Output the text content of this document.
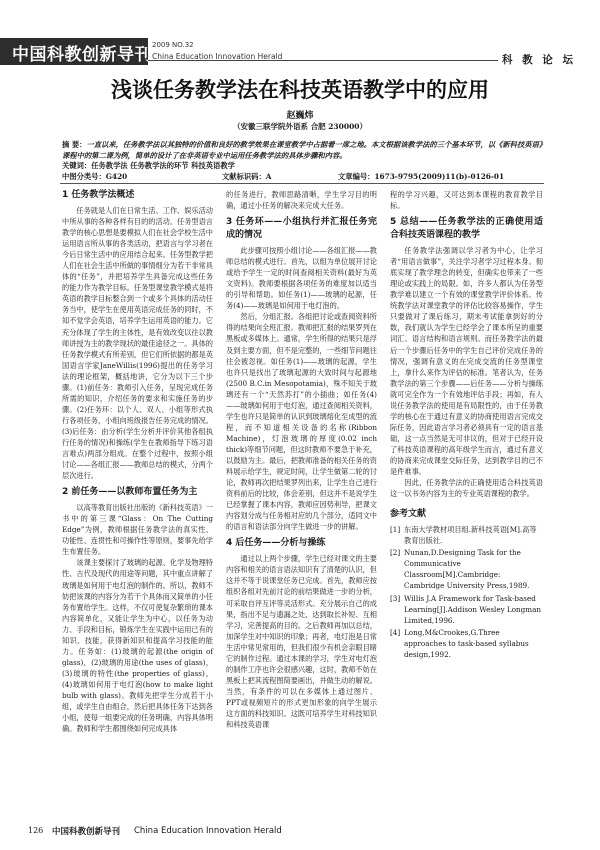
中国科教创新导刊 2009 NO.32
China Education Innovation Herald	科 教 论 坛
浅谈任务教学法在科技英语教学中的应用
赵巍炜
（安徽三联学院外语系 合肥 230000）
摘 要：一直以来，任务教学法以其独特的价值和良好的教学效果在课堂教学中占据着一席之地。本文根据该教学法的三个基本环节，以《新科技英语》课程中的第二课为例，简单的设计了在非英语专业中运用任务教学法的具体步骤和内容。
关键词：任务教学法 任务教学法的环节 科技英语教学
中图分类号：G420	文献标识码：A	文章编号：1673-9795(2009)11(b)-0126-01
1 任务教学法概述

任务就是人们在日常生活、工作、娱乐活动中所从事的各种各样有目的的活动。任务型语言教学的核心思想是要模拟人们在社会学校生活中运用语言所从事的各类活动，把语言与学习者在今后日常生活中的应用结合起来。任务型教学把人们在社会生活中所做的事情细分为若干非常具体的“任务”，并把培养学生具备完成这些任务的能力作为教学目标。任务型课堂教学模式是将英语的教学目标整合到一个或多个具体的活动任务当中，使学生在使用英语完成任务的同时，不知不觉学会英语，培养学生运用英语的能力。它充分体现了学生的主体性，是有效改变以往以教师讲授为主的教学现状的最佳途径之一。具体的任务教学模式有所差别，但它们所依据的都是英国语言学家JaneWillis(1996)提出的任务学习法的理论框架，概括地讲，它分为以下三个步骤。(1)前任务：教师引入任务，呈现完成任务所需的知识，介绍任务的要求和实施任务的步骤。(2)任务环：以个人、双人、小组等形式执行各项任务，小组向班级报告任务完成的情况。(3)后任务：由分析(学生分析并评价其他各组执行任务的情况)和操练(学生在教师指导下练习语言难点)两部分组成。在整个过程中，按照小组讨论——各组汇报——教师总结的模式，分两个层次进行。

2 前任务——以教师布置任务为主

以高等教育出版社出版的《新科技英语》一书中的第三课“Glass：On The Cutting Edge”为例，教师根据任务教学法的真实性、功能性、连贯性和可操作性等原则，要事先给学生布置任务。

该课主要探讨了玻璃的起源、化学及物理特性、古代及现代的用途等问题，其中重点讲解了玻璃是如何用于电灯泡的制作的。所以，教师不妨把该课的内容分为若干个具体而又简单的小任务布置给学生。这样，不仅可使复杂繁琐的课本内容简单化，又能让学生为中心，以任务为动力、手段和目标，锻炼学生在实践中运用已有的知识、技能，获得新知识和提高学习技能的能力。任务如：(1)玻璃的起源(the origin of glass)，(2)玻璃的用途(the uses of glass)，(3)玻璃的特性(the properties of glass)，(4)玻璃如何用于电灯泡(how to make light bulb with glass)。教师先把学生分成若干小组，或学生自由组合，然后把具体任务下达到各小组，使每一组要完成的任务明确，内容具体明确。教师和学生都围绕如何完成具体

的任务进行，教师思路清晰，学生学习目的明确，通过小任务的解决来完成大任务。

3 任务环——小组执行并汇报任务完成的情况

此步骤可按照小组讨论——各组汇报——教师总结的模式进行。首先，以组为单位展开讨论或给予学生一定的时间查阅相关资料(最好为英文资料)。教师要根据各项任务的难度加以适当的引导和帮助。如任务(1)——玻璃的起源，任务(4)——玻璃是如何用于电灯泡的。

然后，分组汇报。各组把讨论或查阅资料所得的结果向全班汇报。教师把汇报的结果罗列在黑板或多媒体上。通常，学生所得的结果只是浮及到主要方面，但不是完整的，一些细节问题往往会被忽视。如任务(1)——玻璃的起源，学生也许只是找出了玻璃起源的大致时间与起源地(2500 B.C.in Mesopotamia)，殊不知关于玻璃还有一个“天然苏打”的小插曲；如任务(4)——玻璃如何用于电灯泡，通过查阅相关资料，学生也许只是简单的认识到玻璃熔化至成型的流程，而不知道相关设备的名称(Ribbon Machine)，灯泡玻璃的厚度(0.02 inch thick)等细节问题，但这时教师不要急于补充，以鼓励为主。最后，把教师准备的相关任务的资料展示给学生，规定时间，让学生做第二轮的讨论，教师再次把结果罗列出来，让学生自己进行资料前后的比较，体会差别，但这并不是说学生已经掌握了课本内容，教师应因势利导，把课文内容划分成与任务相对应的几个部分，适同文中的语言和语法部分向学生做进一步的讲解。

4 后任务——分析与操练

通过以上两个步骤，学生已经对课文的主要内容和相关的语言语法知识有了清楚的认识，但这并不等于说课堂任务已完成。首先，教师应按组织各组对先前讨论的前结果做进一步的分析，可采取自评互评等灵活形式。充分展示自己的成果，指出不足与遗漏之处，达到取长补短、互相学习，完善提高的目的。之后教师再加以总结，加深学生对中知识的印象；再者，电灯泡是日常生活中常见常用的，但我们很少有机会亲眼目睹它的制作过程。通过本课的学习，学生对电灯泡的制作工序也许会很感兴趣，这时，教师不妨在黑板上把其流程图简要画出，并做生动的解说。当然，有条件的可以在多媒体上通过图片、PPT或视频短片的形式更加形象的向学生展示这方面的科技知识。这既可培养学生对科技知识和科技英语课

程的学习兴趣，又可达到本课程的教育教学目标。

5 总结——任务教学法的正确使用适合科技英语课程的教学

任务教学法强调以学习者为中心，让学习者“用语言做事”，关注学习者学习过程本身。彻底实现了教学理念的转变，但确实也带来了一些理论或实践上的局限。如，许多人都认为任务型教学难以建立一个有效的课堂教学评价体系。传统教学法对课堂教学的评估比较容易操作，学生只要做对了课后练习，期末考试能拿到好的分数，我们就认为学生已经学会了课本所呈的重要词汇、语言结构和语言规则。而任务教学法的最后一个步骤后任务中的学生自己评价完成任务的情况，强调有意义的在完成交流的任务型课堂上，拿什么来作为评估的标准。笔者认为，任务教学法的第三个步骤——后任务——分析与操练就可完全作为一个有效地评估手段；再如，有人说任务教学法的使用是有局限性的，由于任务教学的核心在于通过有意义的协商使用语言完成交际任务，因此语言学习者必须具有一定的语言基础，这一点当然是无可非议的，但对于已经开设了科技英语课程的高年级学生而言，通过有意义的协商来完成课堂交际任务，达到教学目的已不是件难事。

因此，任务教学法的正确使用适合科技英语这一以书务内容为主的专业英语课程的教学。

参考文献
[1] 东南大学教材项目组.新科技英语[M].高等教育出版社.
[2] Nunan,D.Designing Task for the Communicative Classroom[M].Cambridge: Cambridge University Press,1989.
[3] Willis J.A Framework for Task-based Learning[J].Addison Wesley Longman Limited,1996.
[4] Long,M&Crookes,G.Three approaches to task-based syllabus design,1992.
126 中国科教创新导刊 China Education Innovation Herald
